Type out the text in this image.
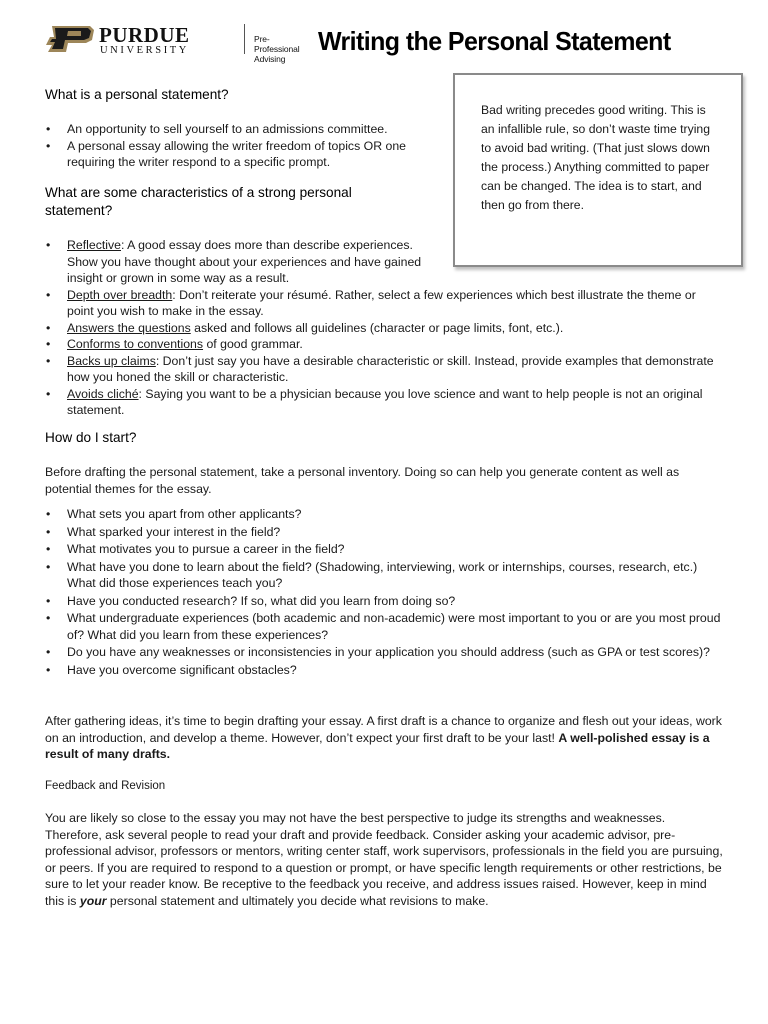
PURDUE
UNIVERSITY
Pre-Professional Advising
Writing the Personal Statement

Bad writing precedes good writing. This is an infallible rule, so don’t waste time trying to avoid bad writing. (That just slows down the process.) Anything committed to paper can be changed. The idea is to start, and then go from there.

What is a personal statement?
• An opportunity to sell yourself to an admissions committee.
• A personal essay allowing the writer freedom of topics OR one requiring the writer respond to a specific prompt.
What are some characteristics of a strong personal statement?
• Reflective: A good essay does more than describe experiences. Show you have thought about your experiences and have gained insight or grown in some way as a result.
• Depth over breadth: Don’t reiterate your résumé. Rather, select a few experiences which best illustrate the theme or point you wish to make in the essay.
• Answers the questions asked and follows all guidelines (character or page limits, font, etc.).
• Conforms to conventions of good grammar.
• Backs up claims: Don’t just say you have a desirable characteristic or skill. Instead, provide examples that demonstrate how you honed the skill or characteristic.
• Avoids cliché: Saying you want to be a physician because you love science and want to help people is not an original statement.
How do I start?

Before drafting the personal statement, take a personal inventory. Doing so can help you generate content as well as potential themes for the essay.

• What sets you apart from other applicants?
• What sparked your interest in the field?
• What motivates you to pursue a career in the field?
• What have you done to learn about the field? (Shadowing, interviewing, work or internships, courses, research, etc.) What did those experiences teach you?
• Have you conducted research? If so, what did you learn from doing so?
• What undergraduate experiences (both academic and non-academic) were most important to you or are you most proud of? What did you learn from these experiences?
• Do you have any weaknesses or inconsistencies in your application you should address (such as GPA or test scores)?
• Have you overcome significant obstacles?

After gathering ideas, it’s time to begin drafting your essay. A first draft is a chance to organize and flesh out your ideas, work on an introduction, and develop a theme. However, don’t expect your first draft to be your last! A well-polished essay is a result of many drafts.

Feedback and Revision

You are likely so close to the essay you may not have the best perspective to judge its strengths and weaknesses. Therefore, ask several people to read your draft and provide feedback. Consider asking your academic advisor, pre-professional advisor, professors or mentors, writing center staff, work supervisors, professionals in the field you are pursuing, or peers. If you are required to respond to a question or prompt, or have specific length requirements or other restrictions, be sure to let your reader know. Be receptive to the feedback you receive, and address issues raised. However, keep in mind this is your personal statement and ultimately you decide what revisions to make.
